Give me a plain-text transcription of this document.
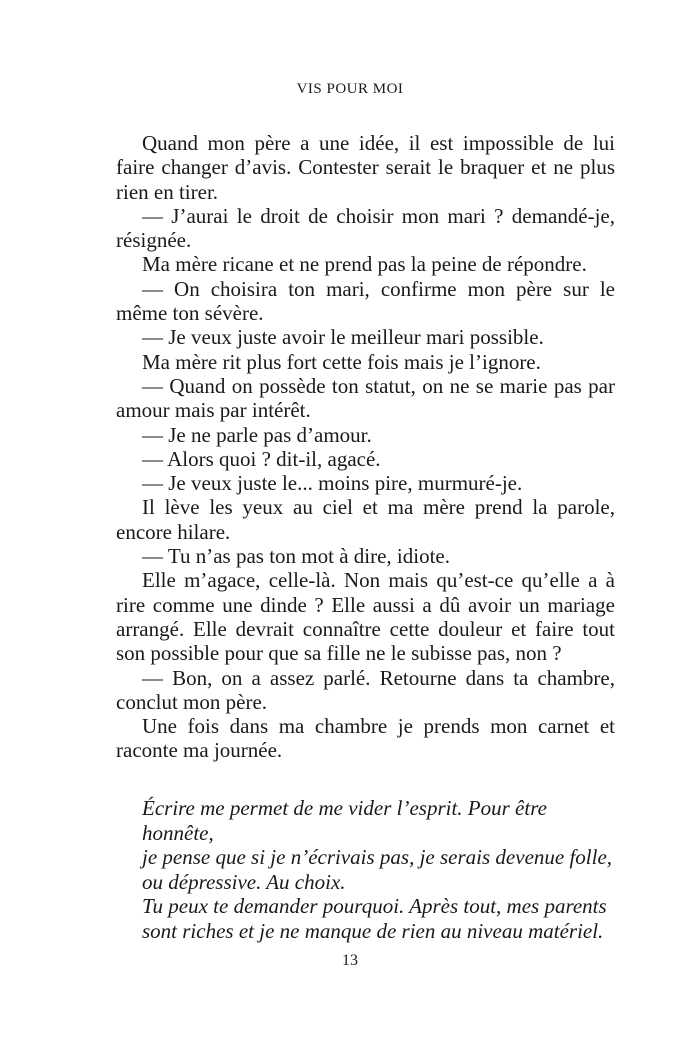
VIS POUR MOI

Quand mon père a une idée, il est impossible de lui faire changer d’avis. Contester serait le braquer et ne plus rien en tirer.

— J’aurai le droit de choisir mon mari ? demandé-je, résignée.

Ma mère ricane et ne prend pas la peine de répondre.

— On choisira ton mari, confirme mon père sur le même ton sévère.

— Je veux juste avoir le meilleur mari possible.

Ma mère rit plus fort cette fois mais je l’ignore.

— Quand on possède ton statut, on ne se marie pas par amour mais par intérêt.

— Je ne parle pas d’amour.

— Alors quoi ? dit-il, agacé.

— Je veux juste le... moins pire, murmuré-je.

Il lève les yeux au ciel et ma mère prend la parole, encore hilare.

— Tu n’as pas ton mot à dire, idiote.

Elle m’agace, celle-là. Non mais qu’est-ce qu’elle a à rire comme une dinde ? Elle aussi a dû avoir un mariage arrangé. Elle devrait connaître cette douleur et faire tout son possible pour que sa fille ne le subisse pas, non ?

— Bon, on a assez parlé. Retourne dans ta chambre, conclut mon père.

Une fois dans ma chambre je prends mon carnet et raconte ma journée.

Écrire me permet de me vider l’esprit. Pour être honnête,

je pense que si je n’écrivais pas, je serais devenue folle,

ou dépressive. Au choix.

Tu peux te demander pourquoi. Après tout, mes parents

sont riches et je ne manque de rien au niveau matériel.

13
